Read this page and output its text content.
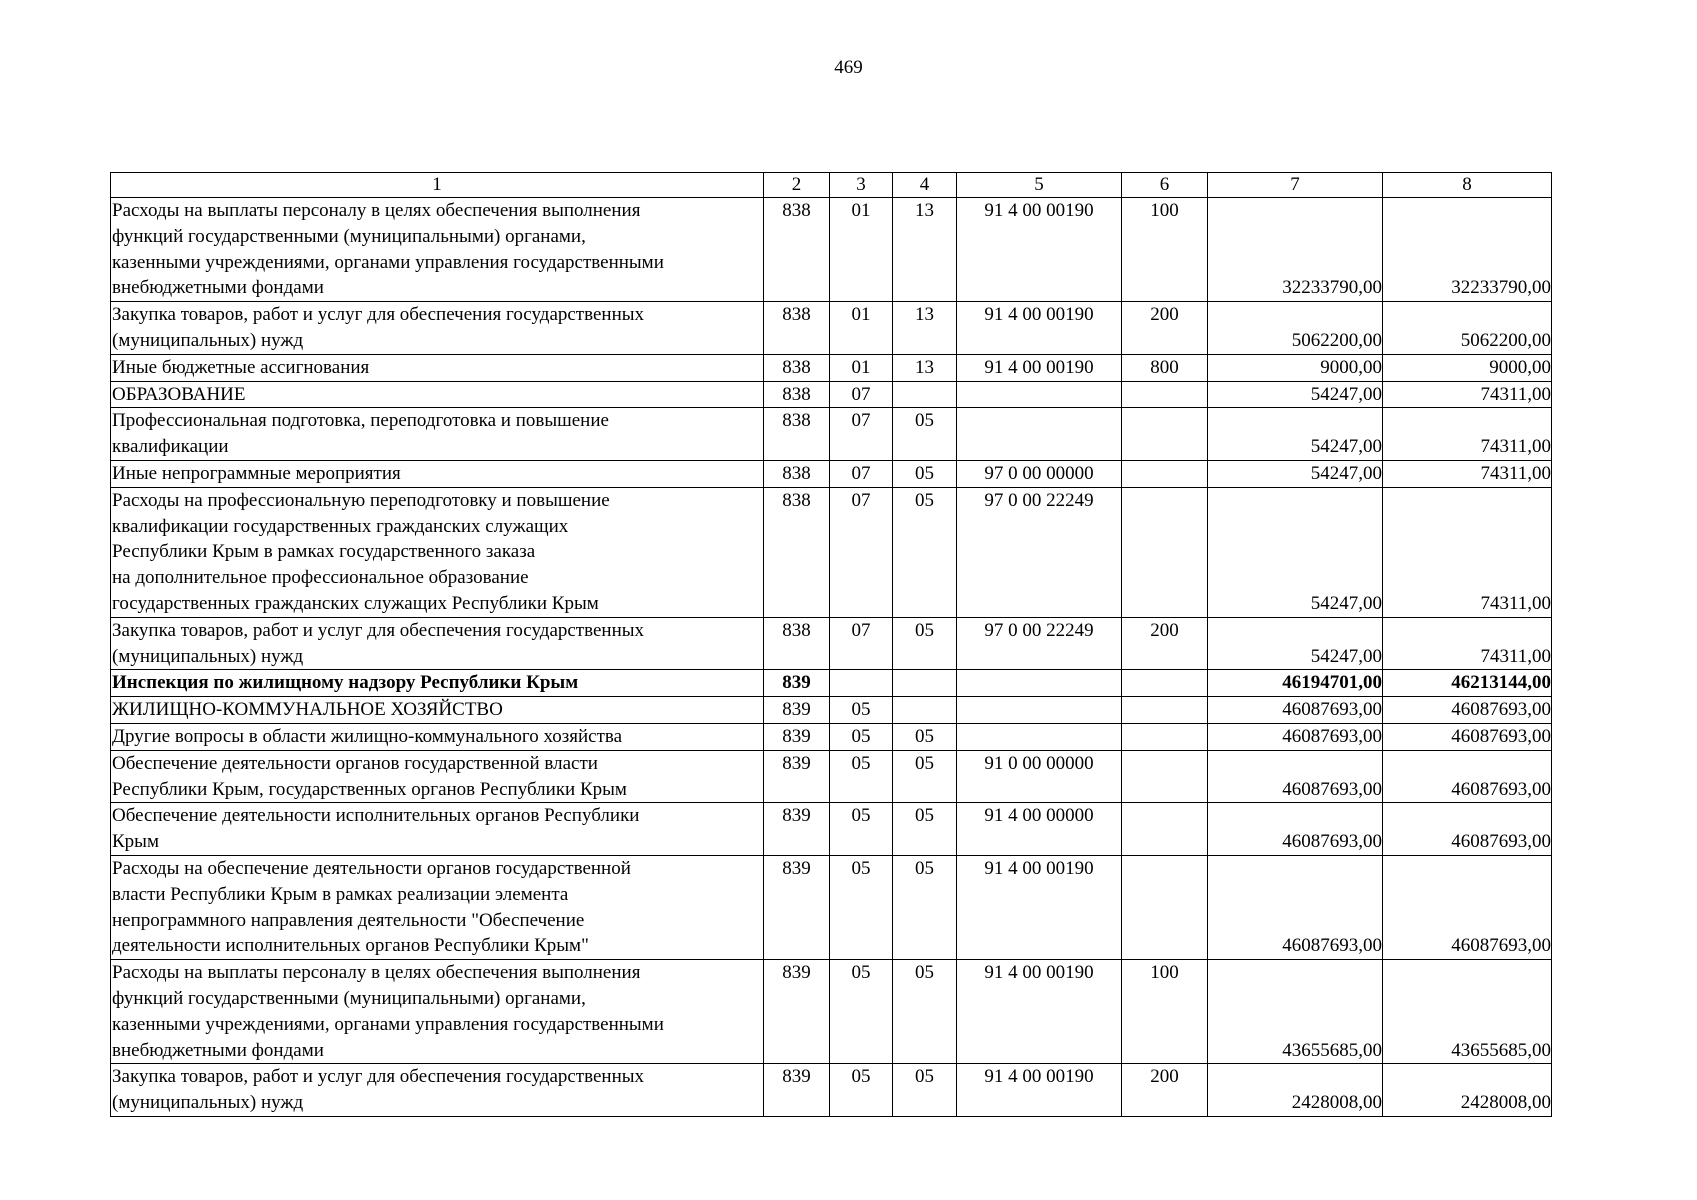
469
1	2	3	4	5	6	7	8

Расходы на выплаты персоналу в целях обеспечения выполнения
функций государственными (муниципальными) органами,
казенными учреждениями, органами управления государственными
внебюджетными фондами	838	01	13	91 4 00 00190	100	32233790,00	32233790,00

Закупка товаров, работ и услуг для обеспечения государственных
(муниципальных) нужд	838	01	13	91 4 00 00190	200	5062200,00	5062200,00

Иные бюджетные ассигнования	838	01	13	91 4 00 00190	800	9000,00	9000,00

ОБРАЗОВАНИЕ	838	07				54247,00	74311,00

Профессиональная подготовка, переподготовка и повышение
квалификации	838	07	05			54247,00	74311,00

Иные непрограммные мероприятия	838	07	05	97 0 00 00000		54247,00	74311,00

Расходы на профессиональную переподготовку и повышение
квалификации государственных гражданских служащих
Республики Крым в рамках государственного заказа
на дополнительное профессиональное образование
государственных гражданских служащих Республики Крым	838	07	05	97 0 00 22249		54247,00	74311,00

Закупка товаров, работ и услуг для обеспечения государственных
(муниципальных) нужд	838	07	05	97 0 00 22249	200	54247,00	74311,00

Инспекция по жилищному надзору Республики Крым	839					46194701,00	46213144,00

ЖИЛИЩНО-КОММУНАЛЬНОЕ ХОЗЯЙСТВО	839	05				46087693,00	46087693,00

Другие вопросы в области жилищно-коммунального хозяйства	839	05	05			46087693,00	46087693,00

Обеспечение деятельности органов государственной власти
Республики Крым, государственных органов Республики Крым	839	05	05	91 0 00 00000		46087693,00	46087693,00

Обеспечение деятельности исполнительных органов Республики
Крым	839	05	05	91 4 00 00000		46087693,00	46087693,00

Расходы на обеспечение деятельности органов государственной
власти Республики Крым в рамках реализации элемента
непрограммного направления деятельности "Обеспечение
деятельности исполнительных органов Республики Крым"	839	05	05	91 4 00 00190		46087693,00	46087693,00

Расходы на выплаты персоналу в целях обеспечения выполнения
функций государственными (муниципальными) органами,
казенными учреждениями, органами управления государственными
внебюджетными фондами	839	05	05	91 4 00 00190	100	43655685,00	43655685,00

Закупка товаров, работ и услуг для обеспечения государственных
(муниципальных) нужд	839	05	05	91 4 00 00190	200	2428008,00	2428008,00
